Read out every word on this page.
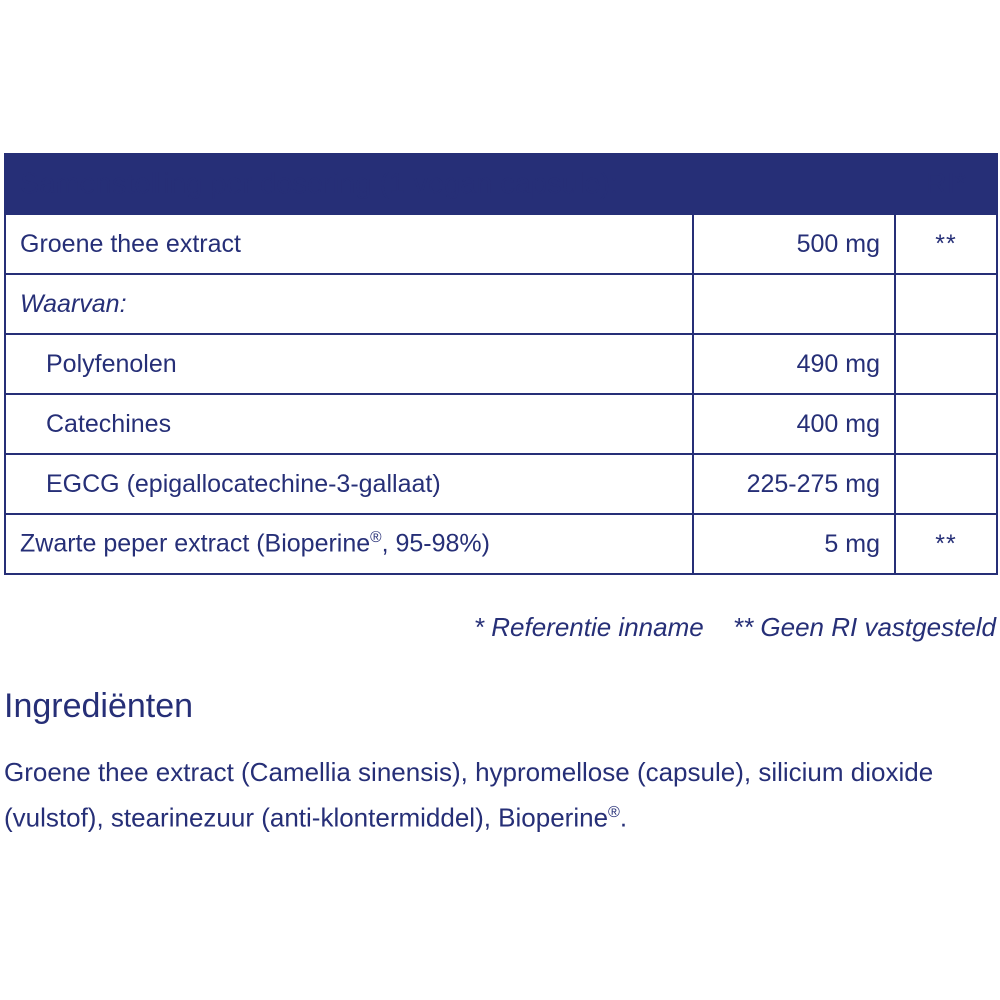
Samenstelling per dosering (1 vegan capsule):		RI*
Groene thee extract	500 mg	**
Waarvan:		
Polyfenolen	490 mg	
Catechines	400 mg	
EGCG (epigallocatechine-3-gallaat)	225-275 mg	
Zwarte peper extract (Bioperine®, 95-98%)	5 mg	**
* Referentie inname ** Geen RI vastgesteld
Ingrediënten
Groene thee extract (Camellia sinensis), hypromellose (capsule), silicium dioxide (vulstof), stearinezuur (anti-klontermiddel), Bioperine®.
